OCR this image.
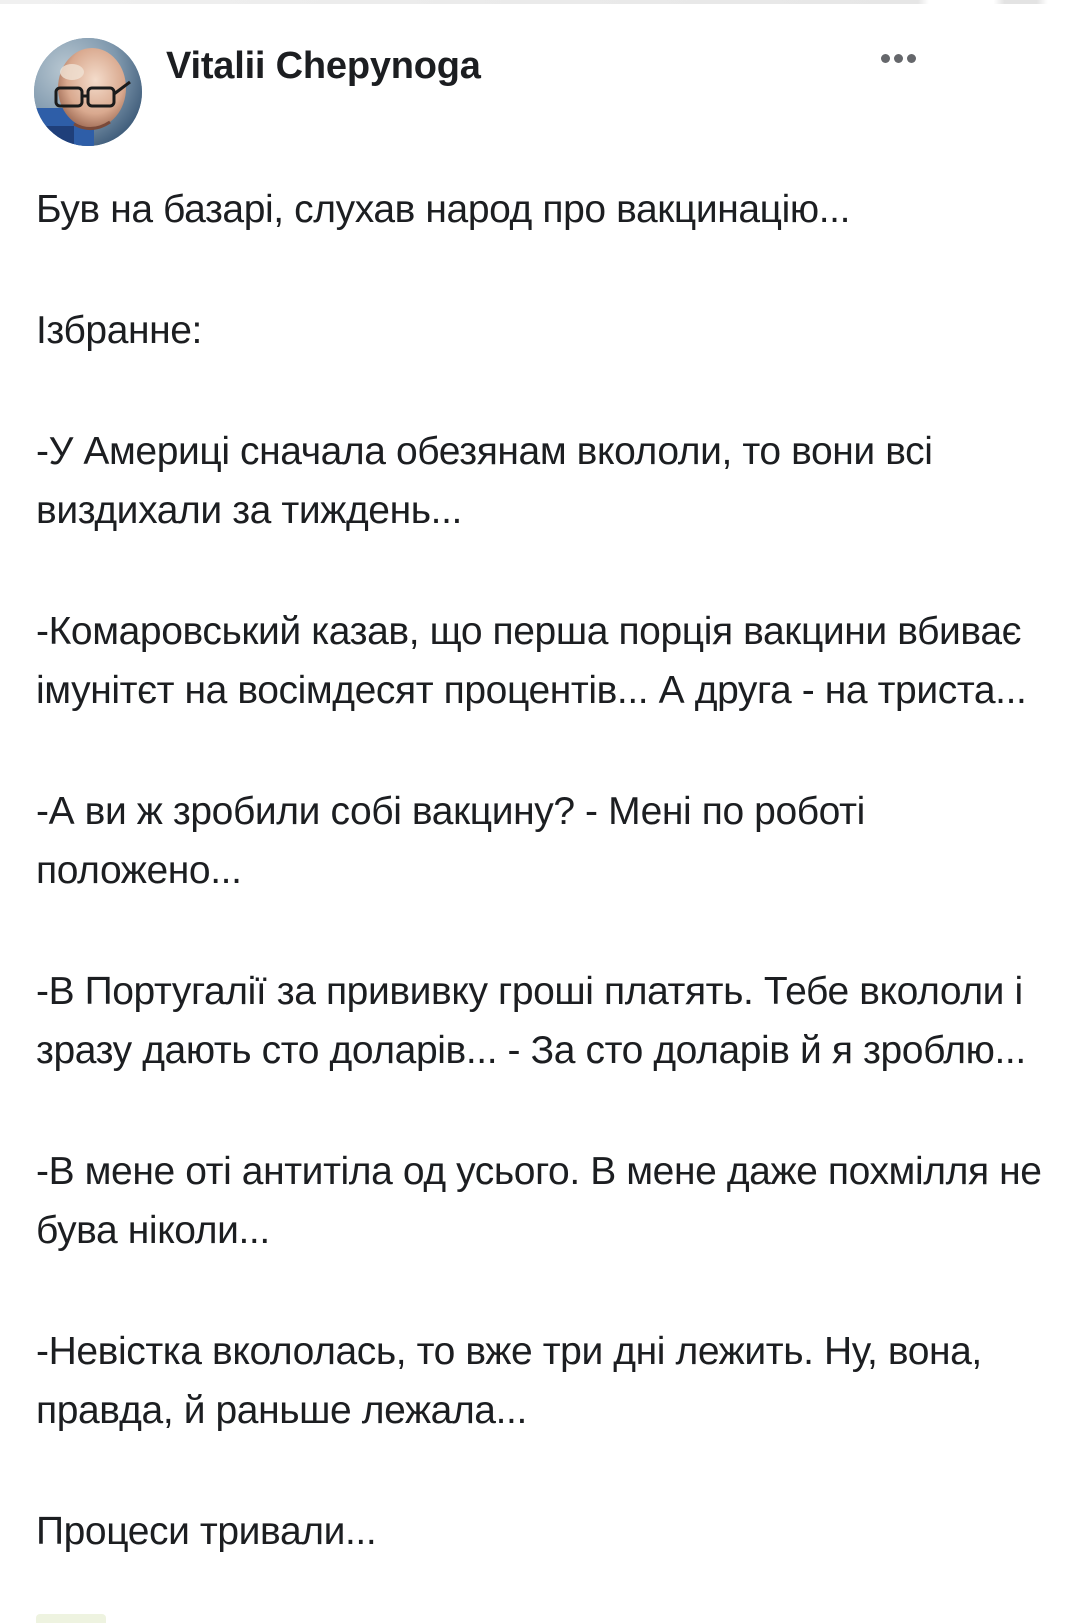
Vitalii Chepynoga

Був на базарі, слухав народ про вакцинацію...

Ізбранне:

-У Америці сначала обезянам вкололи, то вони всі виздихали за тиждень...

-Комаровський казав, що перша порція вакцини вбиває імунітєт на восімдесят процентів... А друга - на триста...

-А ви ж зробили собі вакцину? - Мені по роботі положено...

-В Португалії за прививку гроші платять. Тебе вкололи і зразу дають сто доларів... - За сто доларів й я зроблю...

-В мене оті антитіла од усього. В мене даже похмілля не бува ніколи...

-Невістка вкололась, то вже три дні лежить. Ну, вона, правда, й раньше лежала...

Процеси тривали...
